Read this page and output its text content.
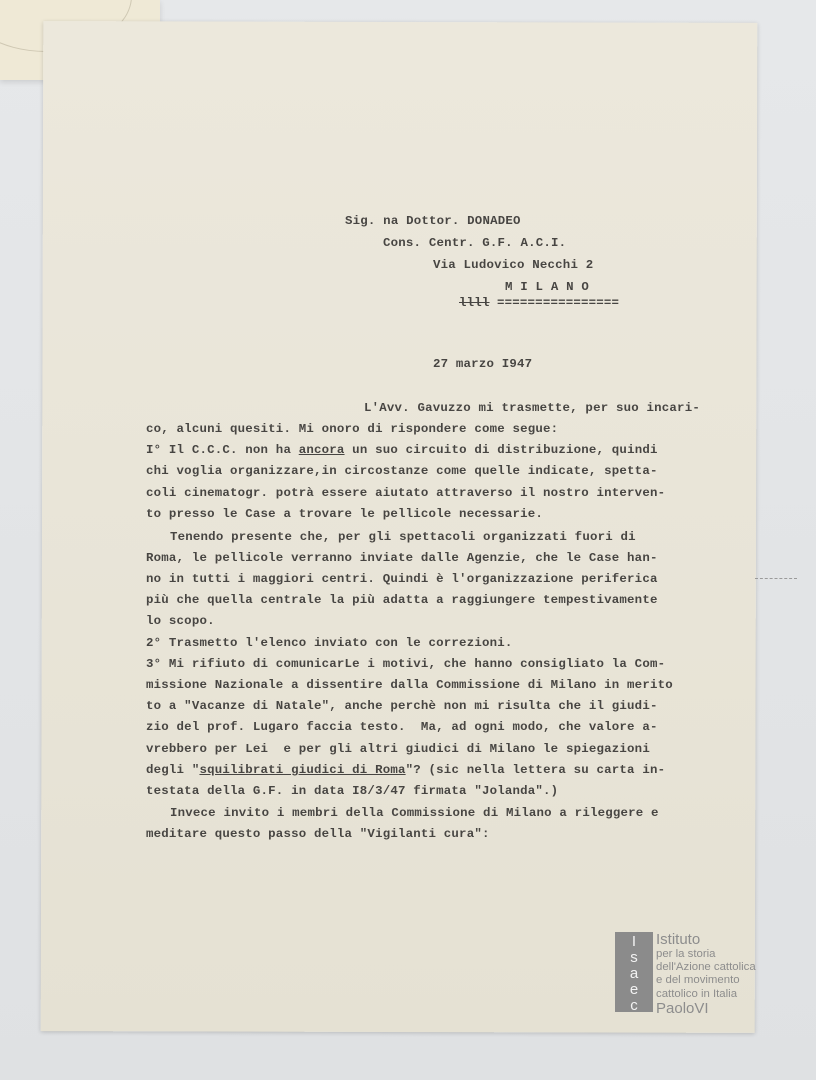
Sig. na Dottor. DONADEO
Cons. Centr. G.F. A.C.I.
Via Ludovico Necchi 2
M I L A N O
llll ================
27 marzo I947
L'Avv. Gavuzzo mi trasmette, per suo incari-
co, alcuni quesiti. Mi onoro di rispondere come segue:
I° Il C.C.C. non ha ancora un suo circuito di distribuzione, quindi
chi voglia organizzare,in circostanze come quelle indicate, spetta-
coli cinematogr. potrà essere aiutato attraverso il nostro interven-
to presso le Case a trovare le pellicole necessarie.
Tenendo presente che, per gli spettacoli organizzati fuori di
Roma, le pellicole verranno inviate dalle Agenzie, che le Case han-
no in tutti i maggiori centri. Quindi è l'organizzazione periferica
più che quella centrale la più adatta a raggiungere tempestivamente
lo scopo.
2° Trasmetto l'elenco inviato con le correzioni.
3° Mi rifiuto di comunicarLe i motivi, che hanno consigliato la Com-
missione Nazionale a dissentire dalla Commissione di Milano in merito
to a "Vacanze di Natale", anche perchè non mi risulta che il giudi-
zio del prof. Lugaro faccia testo.  Ma, ad ogni modo, che valore a-
vrebbero per Lei  e per gli altri giudici di Milano le spiegazioni
degli "squilibrati giudici di Roma"? (sic nella lettera su carta in-
testata della G.F. in data I8/3/47 firmata "Jolanda".)
Invece invito i membri della Commissione di Milano a rileggere e
meditare questo passo della "Vigilanti cura":
I
s
a
e
c
Istituto
per la storia
dell'Azione cattolica
e del movimento
cattolico in Italia
PaoloVI
